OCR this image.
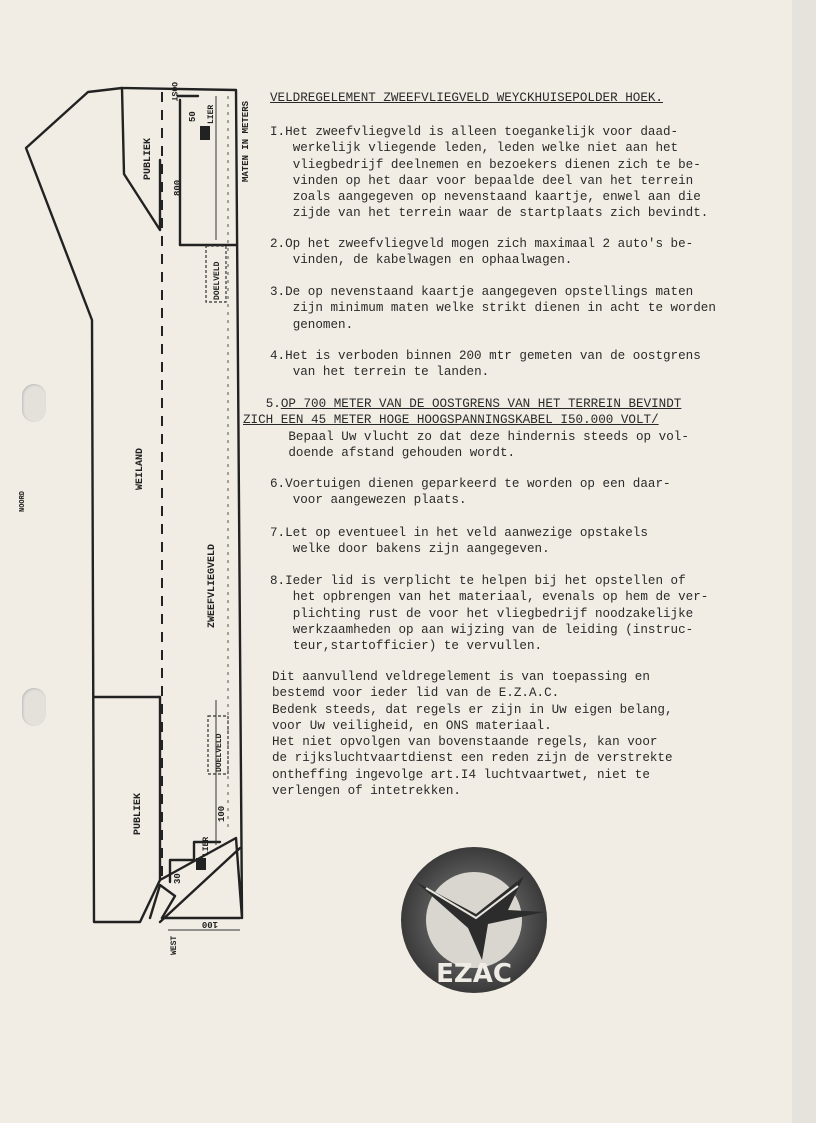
OOST
WEST
NOORD
MATEN IN METERS
PUBLIEK
PUBLIEK
WEILAND
ZWEEFVLIEGVELD
DOELVELD
DOELVELD
LIER
LIER
50
800
100
30
100
VELDREGELEMENT ZWEEFVLIEGVELD WEYCKHUISEPOLDER HOEK.
I.Het zweefvliegveld is alleen toegankelijk voor daad-
werkelijk vliegende leden, leden welke niet aan het
vliegbedrijf deelnemen en bezoekers dienen zich te be-
vinden op het daar voor bepaalde deel van het terrein
zoals aangegeven op nevenstaand kaartje, enwel aan die
zijde van het terrein waar de startplaats zich bevindt.
2.Op het zweefvliegveld mogen zich maximaal 2 auto's be-
vinden, de kabelwagen en ophaalwagen.
3.De op nevenstaand kaartje aangegeven opstellings maten
zijn minimum maten welke strikt dienen in acht te worden
genomen.
4.Het is verboden binnen 200 mtr gemeten van de oostgrens
van het terrein te landen.
5.OP 700 METER VAN DE OOSTGRENS VAN HET TERREIN BEVINDT
ZICH EEN 45 METER HOGE HOOGSPANNINGSKABEL I50.000 VOLT/
Bepaal Uw vlucht zo dat deze hindernis steeds op vol-
doende afstand gehouden wordt.
6.Voertuigen dienen geparkeerd te worden op een daar-
voor aangewezen plaats.
7.Let op eventueel in het veld aanwezige opstakels
welke door bakens zijn aangegeven.
8.Ieder lid is verplicht te helpen bij het opstellen of
het opbrengen van het materiaal, evenals op hem de ver-
plichting rust de voor het vliegbedrijf noodzakelijke
werkzaamheden op aan wijzing van de leiding (instruc-
teur,startofficier) te vervullen.
Dit aanvullend veldregelement is van toepassing en
bestemd voor ieder lid van de E.Z.A.C.
Bedenk steeds, dat regels er zijn in Uw eigen belang,
voor Uw veiligheid, en ONS materiaal.
Het niet opvolgen van bovenstaande regels, kan voor
de rijksluchtvaartdienst een reden zijn de verstrekte
ontheffing ingevolge art.I4 luchtvaartwet, niet te
verlengen of intetrekken.
EZAC
